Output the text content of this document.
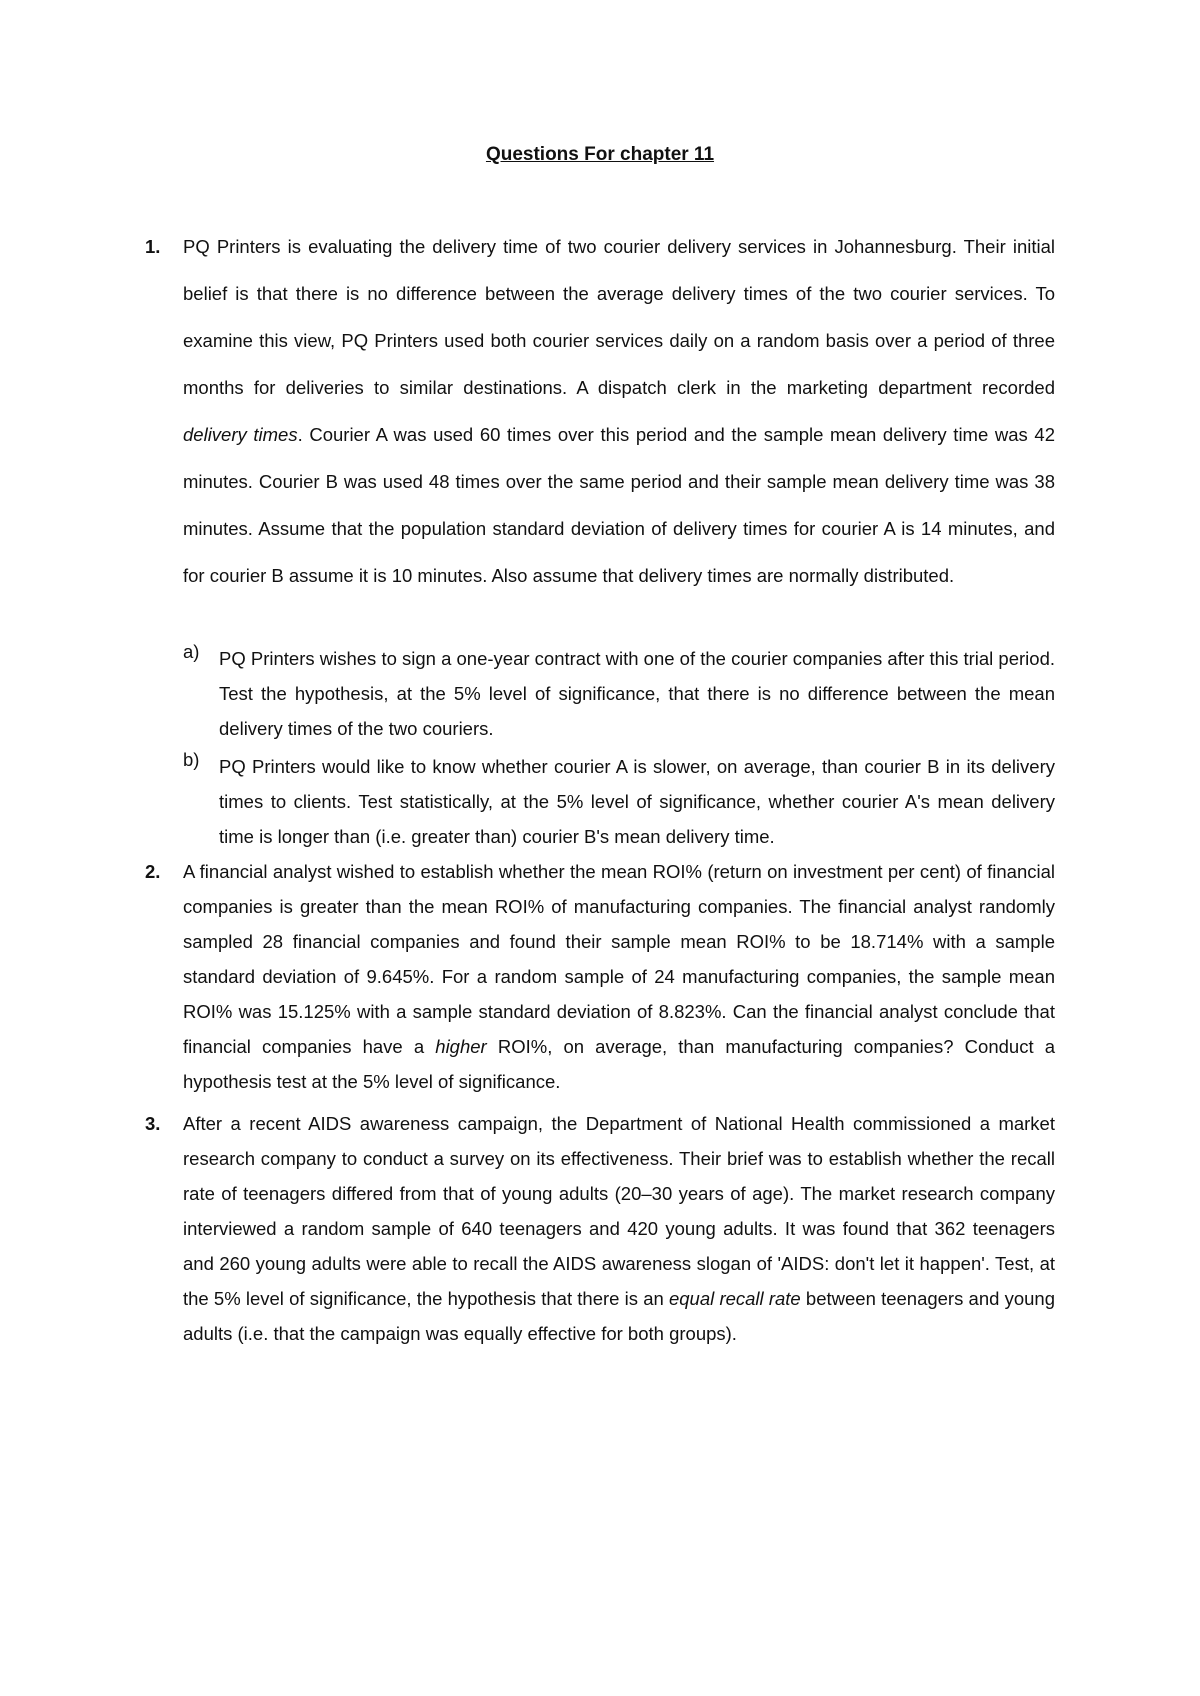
Questions For chapter 11
1. PQ Printers is evaluating the delivery time of two courier delivery services in Johannesburg. Their initial belief is that there is no difference between the average delivery times of the two courier services. To examine this view, PQ Printers used both courier services daily on a random basis over a period of three months for deliveries to similar destinations. A dispatch clerk in the marketing department recorded delivery times. Courier A was used 60 times over this period and the sample mean delivery time was 42 minutes. Courier B was used 48 times over the same period and their sample mean delivery time was 38 minutes. Assume that the population standard deviation of delivery times for courier A is 14 minutes, and for courier B assume it is 10 minutes. Also assume that delivery times are normally distributed.
a) PQ Printers wishes to sign a one-year contract with one of the courier companies after this trial period. Test the hypothesis, at the 5% level of significance, that there is no difference between the mean delivery times of the two couriers.
b) PQ Printers would like to know whether courier A is slower, on average, than courier B in its delivery times to clients. Test statistically, at the 5% level of significance, whether courier A's mean delivery time is longer than (i.e. greater than) courier B's mean delivery time.
2. A financial analyst wished to establish whether the mean ROI% (return on investment per cent) of financial companies is greater than the mean ROI% of manufacturing companies. The financial analyst randomly sampled 28 financial companies and found their sample mean ROI% to be 18.714% with a sample standard deviation of 9.645%. For a random sample of 24 manufacturing companies, the sample mean ROI% was 15.125% with a sample standard deviation of 8.823%. Can the financial analyst conclude that financial companies have a higher ROI%, on average, than manufacturing companies? Conduct a hypothesis test at the 5% level of significance.
3. After a recent AIDS awareness campaign, the Department of National Health commissioned a market research company to conduct a survey on its effectiveness. Their brief was to establish whether the recall rate of teenagers differed from that of young adults (20–30 years of age). The market research company interviewed a random sample of 640 teenagers and 420 young adults. It was found that 362 teenagers and 260 young adults were able to recall the AIDS awareness slogan of 'AIDS: don't let it happen'. Test, at the 5% level of significance, the hypothesis that there is an equal recall rate between teenagers and young adults (i.e. that the campaign was equally effective for both groups).
